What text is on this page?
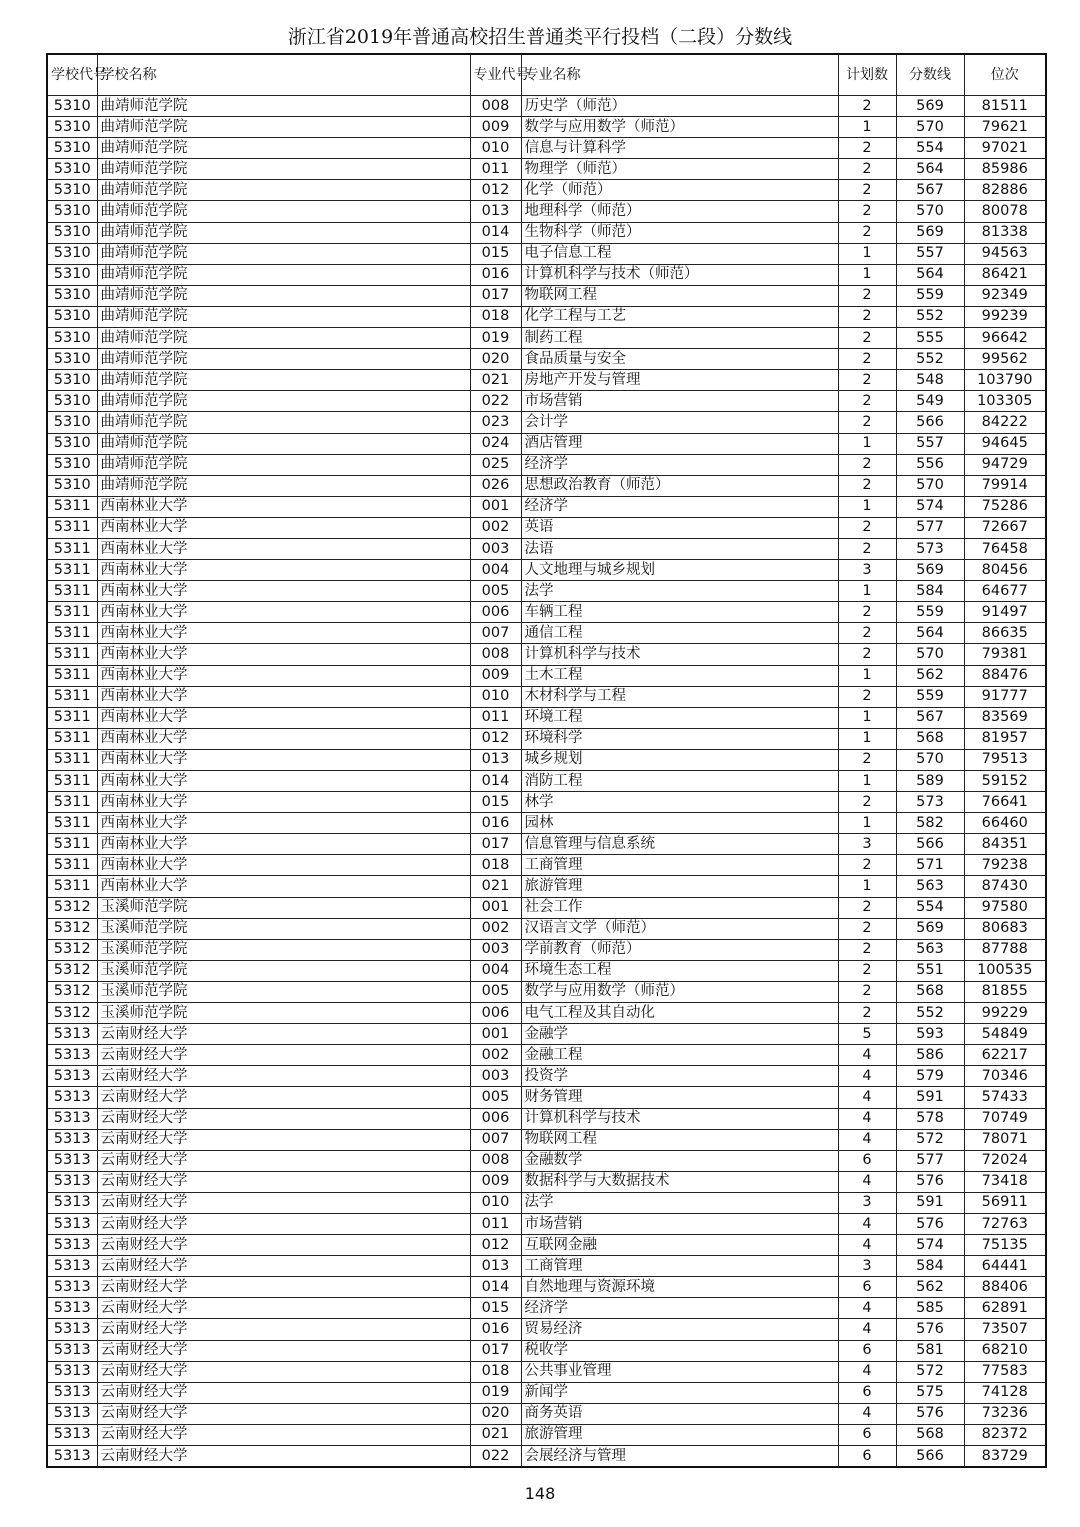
浙江省2019年普通高校招生普通类平行投档（二段）分数线
学校代号	学校名称	专业代号	专业名称	计划数	分数线	位次
5310	曲靖师范学院	008	历史学（师范）	2	569	81511
5310	曲靖师范学院	009	数学与应用数学（师范）	1	570	79621
5310	曲靖师范学院	010	信息与计算科学	2	554	97021
5310	曲靖师范学院	011	物理学（师范）	2	564	85986
5310	曲靖师范学院	012	化学（师范）	2	567	82886
5310	曲靖师范学院	013	地理科学（师范）	2	570	80078
5310	曲靖师范学院	014	生物科学（师范）	2	569	81338
5310	曲靖师范学院	015	电子信息工程	1	557	94563
5310	曲靖师范学院	016	计算机科学与技术（师范）	1	564	86421
5310	曲靖师范学院	017	物联网工程	2	559	92349
5310	曲靖师范学院	018	化学工程与工艺	2	552	99239
5310	曲靖师范学院	019	制药工程	2	555	96642
5310	曲靖师范学院	020	食品质量与安全	2	552	99562
5310	曲靖师范学院	021	房地产开发与管理	2	548	103790
5310	曲靖师范学院	022	市场营销	2	549	103305
5310	曲靖师范学院	023	会计学	2	566	84222
5310	曲靖师范学院	024	酒店管理	1	557	94645
5310	曲靖师范学院	025	经济学	2	556	94729
5310	曲靖师范学院	026	思想政治教育（师范）	2	570	79914
5311	西南林业大学	001	经济学	1	574	75286
5311	西南林业大学	002	英语	2	577	72667
5311	西南林业大学	003	法语	2	573	76458
5311	西南林业大学	004	人文地理与城乡规划	3	569	80456
5311	西南林业大学	005	法学	1	584	64677
5311	西南林业大学	006	车辆工程	2	559	91497
5311	西南林业大学	007	通信工程	2	564	86635
5311	西南林业大学	008	计算机科学与技术	2	570	79381
5311	西南林业大学	009	土木工程	1	562	88476
5311	西南林业大学	010	木材科学与工程	2	559	91777
5311	西南林业大学	011	环境工程	1	567	83569
5311	西南林业大学	012	环境科学	1	568	81957
5311	西南林业大学	013	城乡规划	2	570	79513
5311	西南林业大学	014	消防工程	1	589	59152
5311	西南林业大学	015	林学	2	573	76641
5311	西南林业大学	016	园林	1	582	66460
5311	西南林业大学	017	信息管理与信息系统	3	566	84351
5311	西南林业大学	018	工商管理	2	571	79238
5311	西南林业大学	021	旅游管理	1	563	87430
5312	玉溪师范学院	001	社会工作	2	554	97580
5312	玉溪师范学院	002	汉语言文学（师范）	2	569	80683
5312	玉溪师范学院	003	学前教育（师范）	2	563	87788
5312	玉溪师范学院	004	环境生态工程	2	551	100535
5312	玉溪师范学院	005	数学与应用数学（师范）	2	568	81855
5312	玉溪师范学院	006	电气工程及其自动化	2	552	99229
5313	云南财经大学	001	金融学	5	593	54849
5313	云南财经大学	002	金融工程	4	586	62217
5313	云南财经大学	003	投资学	4	579	70346
5313	云南财经大学	005	财务管理	4	591	57433
5313	云南财经大学	006	计算机科学与技术	4	578	70749
5313	云南财经大学	007	物联网工程	4	572	78071
5313	云南财经大学	008	金融数学	6	577	72024
5313	云南财经大学	009	数据科学与大数据技术	4	576	73418
5313	云南财经大学	010	法学	3	591	56911
5313	云南财经大学	011	市场营销	4	576	72763
5313	云南财经大学	012	互联网金融	4	574	75135
5313	云南财经大学	013	工商管理	3	584	64441
5313	云南财经大学	014	自然地理与资源环境	6	562	88406
5313	云南财经大学	015	经济学	4	585	62891
5313	云南财经大学	016	贸易经济	4	576	73507
5313	云南财经大学	017	税收学	6	581	68210
5313	云南财经大学	018	公共事业管理	4	572	77583
5313	云南财经大学	019	新闻学	6	575	74128
5313	云南财经大学	020	商务英语	4	576	73236
5313	云南财经大学	021	旅游管理	6	568	82372
5313	云南财经大学	022	会展经济与管理	6	566	83729
148
